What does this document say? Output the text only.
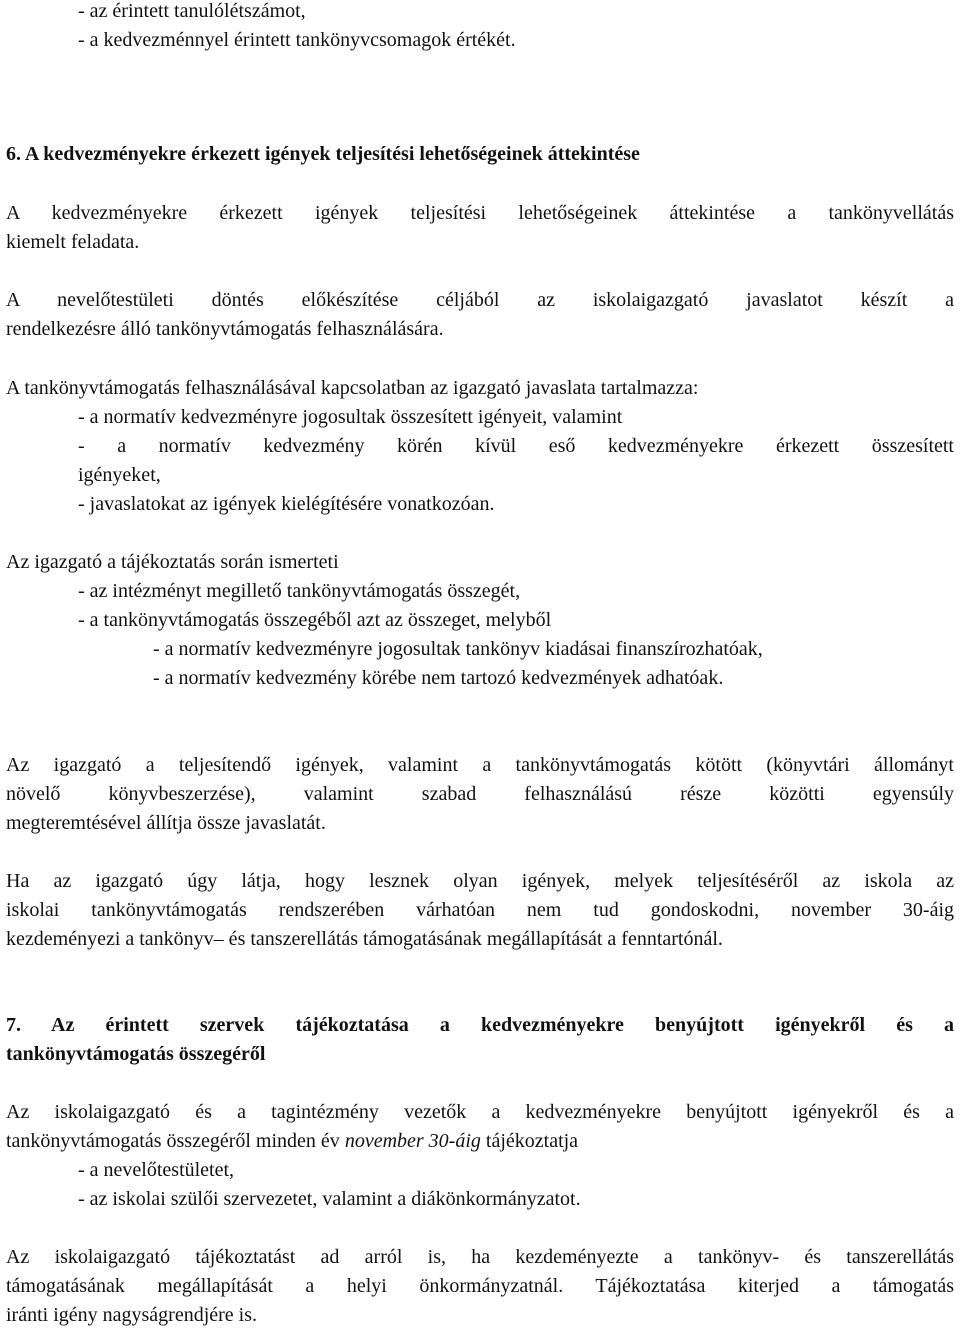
- az érintett tanulólétszámot,
- a kedvezménnyel érintett tankönyvcsomagok értékét.
6. A kedvezményekre érkezett igények teljesítési lehetőségeinek áttekintése
A kedvezményekre érkezett igények teljesítési lehetőségeinek áttekintése a tankönyvellátás
kiemelt feladata.
A nevelőtestületi döntés előkészítése céljából az iskolaigazgató javaslatot készít a
rendelkezésre álló tankönyvtámogatás felhasználására.
A tankönyvtámogatás felhasználásával kapcsolatban az igazgató javaslata tartalmazza:
- a normatív kedvezményre jogosultak összesített igényeit, valamint
- a normatív kedvezmény körén kívül eső kedvezményekre érkezett összesített
igényeket,
- javaslatokat az igények kielégítésére vonatkozóan.
Az igazgató a tájékoztatás során ismerteti
- az intézményt megillető tankönyvtámogatás összegét,
- a tankönyvtámogatás összegéből azt az összeget, melyből
- a normatív kedvezményre jogosultak tankönyv kiadásai finanszírozhatóak,
- a normatív kedvezmény körébe nem tartozó kedvezmények adhatóak.
Az igazgató a teljesítendő igények, valamint a tankönyvtámogatás kötött (könyvtári állományt
növelő könyvbeszerzése), valamint szabad felhasználású része közötti egyensúly
megteremtésével állítja össze javaslatát.
Ha az igazgató úgy látja, hogy lesznek olyan igények, melyek teljesítéséről az iskola az
iskolai tankönyvtámogatás rendszerében várhatóan nem tud gondoskodni, november 30-áig
kezdeményezi a tankönyv– és tanszerellátás támogatásának megállapítását a fenntartónál.
7. Az érintett szervek tájékoztatása a kedvezményekre benyújtott igényekről és a
tankönyvtámogatás összegéről
Az iskolaigazgató és a tagintézmény vezetők a kedvezményekre benyújtott igényekről és a
tankönyvtámogatás összegéről minden év november 30-áig tájékoztatja
- a nevelőtestületet,
- az iskolai szülői szervezetet, valamint a diákönkormányzatot.
Az iskolaigazgató tájékoztatást ad arról is, ha kezdeményezte a tankönyv- és tanszerellátás
támogatásának megállapítását a helyi önkormányzatnál. Tájékoztatása kiterjed a támogatás
iránti igény nagyságrendjére is.
